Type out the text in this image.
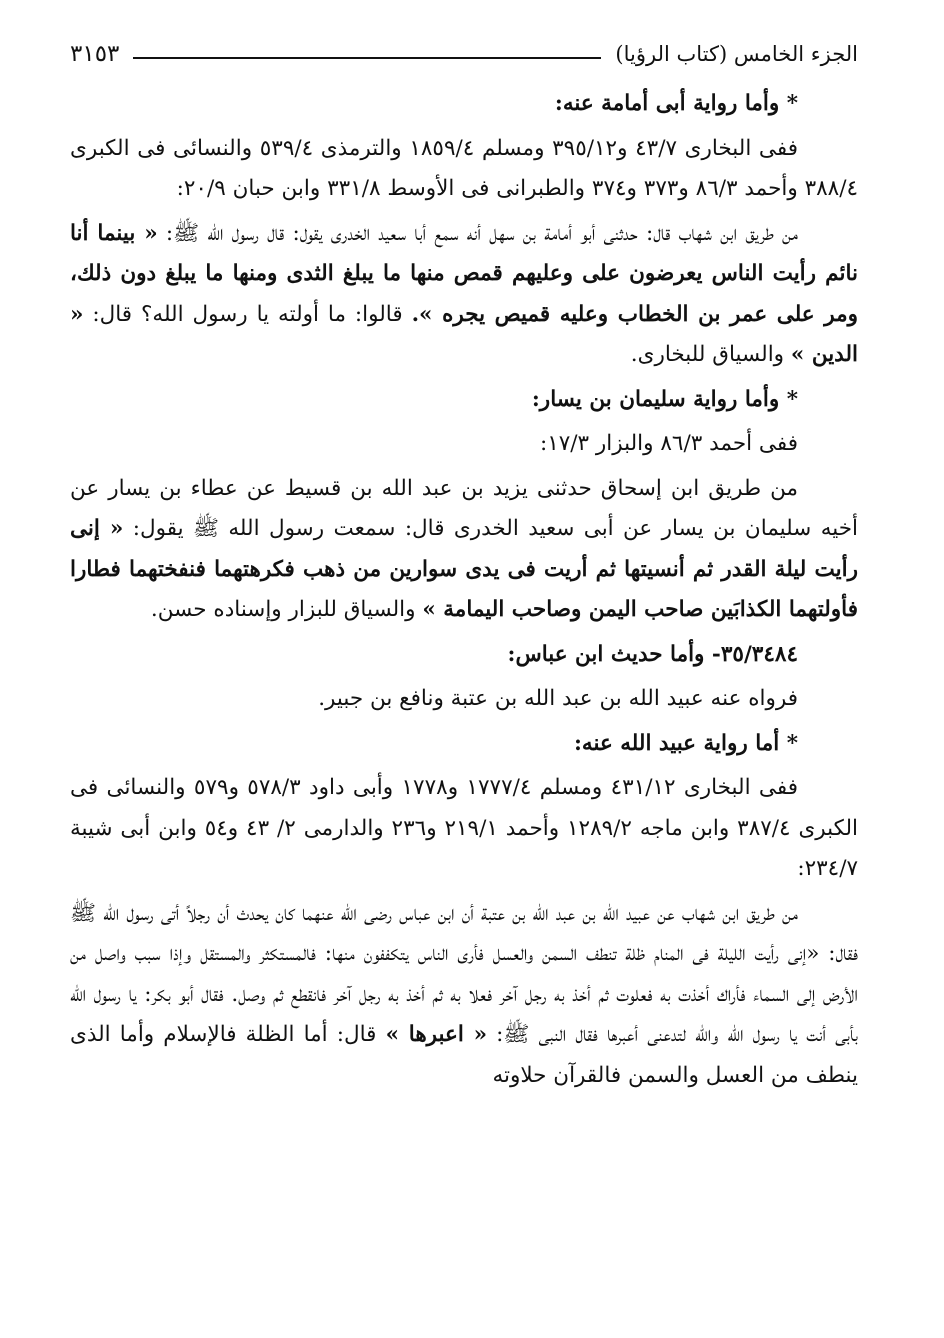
الجزء الخامس (كتاب الرؤيا)
٣١٥٣

* وأما رواية أبى أمامة عنه:

ففى البخارى ٤٣/٧ و٣٩٥/١٢ ومسلم ١٨٥٩/٤ والترمذى ٥٣٩/٤ والنسائى فى الكبرى ٣٨٨/٤ وأحمد ٨٦/٣ و٣٧٣ و٣٧٤ والطبرانى فى الأوسط ٣٣١/٨ وابن حبان ٢٠/٩:

من طريق ابن شهاب قال: حدثنى أبو أمامة بن سهل أنه سمع أبا سعيد الخدرى يقول: قال رسول الله ﷺ: « بينما أنا نائم رأيت الناس يعرضون على وعليهم قمص منها ما يبلغ الثدى ومنها ما يبلغ دون ذلك، ومر على عمر بن الخطاب وعليه قميص يجره ». قالوا: ما أولته يا رسول الله؟ قال: « الدين » والسياق للبخارى.

* وأما رواية سليمان بن يسار:

ففى أحمد ٨٦/٣ والبزار ١٧/٣:

من طريق ابن إسحاق حدثنى يزيد بن عبد الله بن قسيط عن عطاء بن يسار عن أخيه سليمان بن يسار عن أبى سعيد الخدرى قال: سمعت رسول الله ﷺ يقول: « إنى رأيت ليلة القدر ثم أنسيتها ثم أريت فى يدى سوارين من ذهب فكرهتهما فنفختهما فطارا فأولتهما الكذابَين صاحب اليمن وصاحب اليمامة » والسياق للبزار وإسناده حسن.

٣٥/٣٤٨٤- وأما حديث ابن عباس:

فرواه عنه عبيد الله بن عبد الله بن عتبة ونافع بن جبير.

* أما رواية عبيد الله عنه:

ففى البخارى ٤٣١/١٢ ومسلم ١٧٧٧/٤ و١٧٧٨ وأبى داود ٥٧٨/٣ و٥٧٩ والنسائى فى الكبرى ٣٨٧/٤ وابن ماجه ١٢٨٩/٢ وأحمد ٢١٩/١ و٢٣٦ والدارمى ٢/ ٤٣ و٥٤ وابن أبى شيبة ٢٣٤/٧:

من طريق ابن شهاب عن عبيد الله بن عبد الله بن عتبة أن ابن عباس رضى الله عنهما كان يحدث أن رجلاً أتى رسول الله ﷺ فقال: «إنى رأيت الليلة فى المنام ظلة تنطف السمن والعسل فأرى الناس يتكففون منها: فالمستكثر والمستقل وإذا سبب واصل من الأرض إلى السماء فأراك أخذت به فعلوت ثم أخذ به رجل آخر فعلا به ثم أخذ به رجل آخر فانقطع ثم وصل. فقال أبو بكر: يا رسول الله بأبى أنت يا رسول الله والله لتدعنى أعبرها فقال النبى ﷺ: « اعبرها » قال: أما الظلة فالإسلام وأما الذى ينطف من العسل والسمن فالقرآن حلاوته
